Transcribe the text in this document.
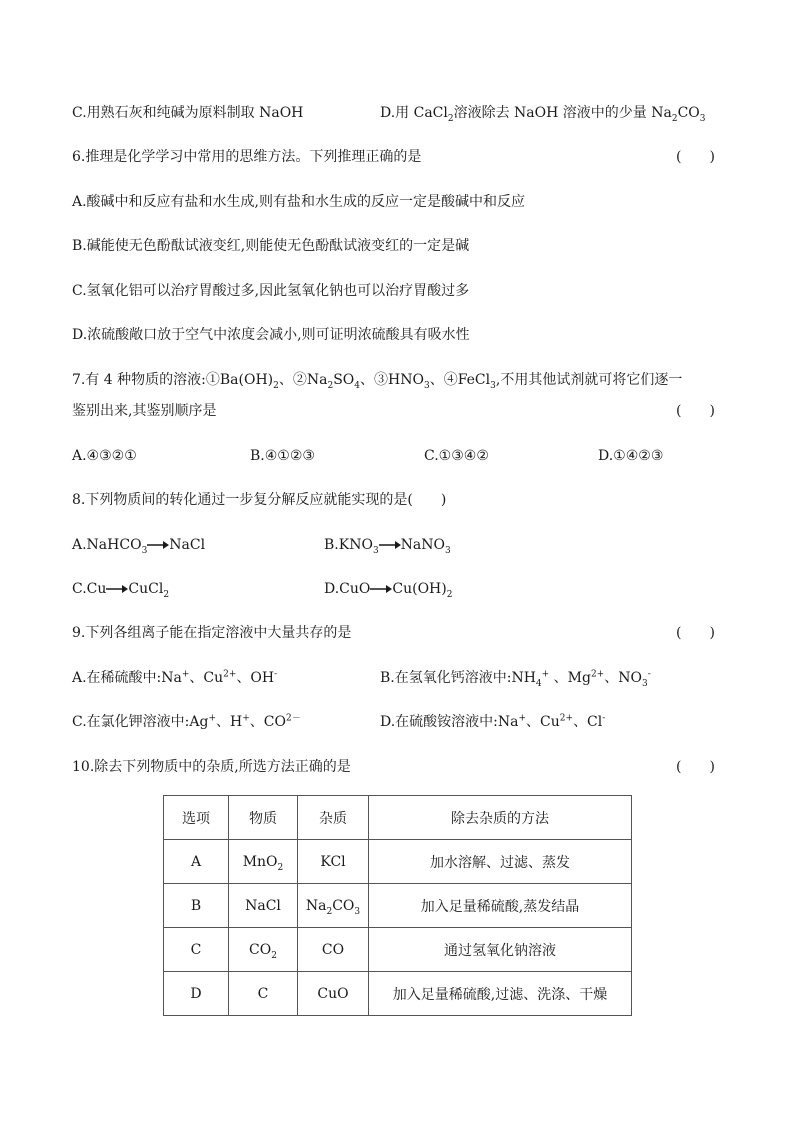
C.用熟石灰和纯碱为原料制取 NaOH	D.用 CaCl$_2$溶液除去 NaOH 溶液中的少量 $Na_2CO_3$
6.推理是化学学习中常用的思维方法。下列推理正确的是	(　　)
A.酸碱中和反应有盐和水生成,则有盐和水生成的反应一定是酸碱中和反应
B.碱能使无色酚酞试液变红,则能使无色酚酞试液变红的一定是碱
C.氢氧化铝可以治疗胃酸过多,因此氢氧化钠也可以治疗胃酸过多
D.浓硫酸敞口放于空气中浓度会减小,则可证明浓硫酸具有吸水性
7.有 4 种物质的溶液$:①Ba(OH)_2$、$②Na_2SO_4$、$③HNO_3$、④FeCl$_3$,不用其他试剂就可将它们逐一
鉴别出来,其鉴别顺序是	(　　)
A.④③②①	B.④①②③	C.①③④②	D.①④②③
8.下列物质间的转化通过一步复分解反应就能实现的是(　　)
A.NaHCO$_3$ NaCl	$B.KNO_3$ NaNO$_3$
C.Cu CuCl$_2$	D.CuO $Cu(OH)_2$
9.下列各组离子能在指定溶液中大量共存的是	(　　)
A.在稀硫酸中:Na+、$Cu^{2+}$、OH-	B.在氢氧化钙溶液中$:NH_4^+$ 、$Mg^{2+}$、$NO_3^-$
C.在氯化钾溶液中:Ag+、H+、$CO^{2-}$	D.在硫酸铵溶液中:Na+、$Cu^{2+}$、Cl-
10.除去下列物质中的杂质,所选方法正确的是	(　　)
选项	物质	杂质	除去杂质的方法
A	MnO$_2$	KCl	加水溶解、过滤、蒸发
B	NaCl	$Na_2CO_3$	加入足量稀硫酸,蒸发结晶
C	$CO_2$	CO	通过氢氧化钠溶液
D	C	CuO	加入足量稀硫酸,过滤、洗涤、干燥
